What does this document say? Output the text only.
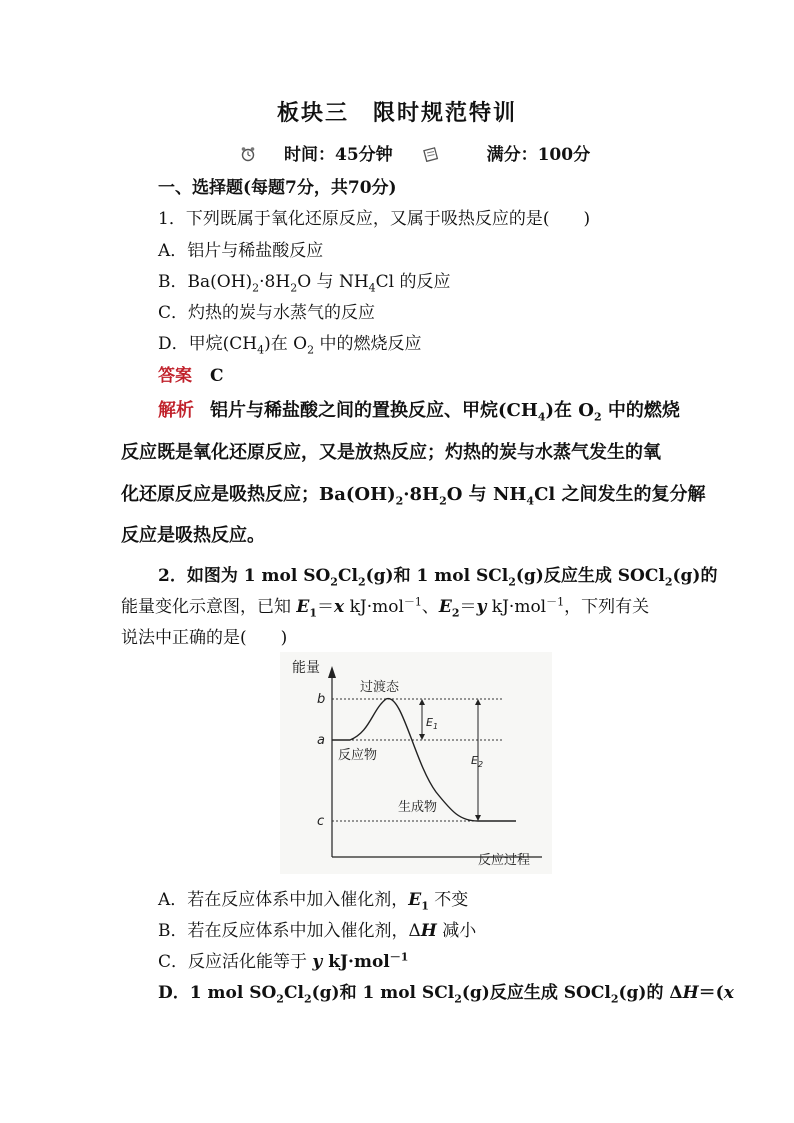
板块三　限时规范特训
时间：45分钟	满分：100分
一、选择题(每题7分，共70分)
1．下列既属于氧化还原反应，又属于吸热反应的是(　　)
A．铝片与稀盐酸反应
B．$Ba(OH)_2\cdot 8H_2O$ 与 $NH_4Cl$ 的反应
C．灼热的炭与水蒸气的反应
D．甲烷$(CH_4)$在 $O_2$ 中的燃烧反应
答案 C
解析 铝片与稀盐酸之间的置换反应、甲烷$(CH_4)$在 $O_2$ 中的燃烧
反应既是氧化还原反应，又是放热反应；灼热的炭与水蒸气发生的氧
化还原反应是吸热反应；$Ba(OH)_2\cdot 8H_2O$ 与 $NH_4Cl$ 之间发生的复分解
反应是吸热反应。
2．如图为 1 mol $SO_2Cl_2(g)$和 1 mol SCl$_2$(g)反应生成 SOCl$_2$(g)的
能量变化示意图，已知 $E_1=x$ kJ·mol$^{-1}$、$E_2=y$ kJ·mol$^{-1}$，下列有关
说法中正确的是(　　)
能量
反应过程
b
a
c
$E_1$
$E_2$
过渡态
反应物
生成物
A．若在反应体系中加入催化剂，$E_1$ 不变
B．若在反应体系中加入催化剂，ΔH 减小
C．反应活化能等于 y kJ·mol$^{-1}$
D．1 mol $SO_2Cl_2(g)$和 1 mol SCl$_2$(g)反应生成 SOCl$_2$(g)的 ΔH＝(x
